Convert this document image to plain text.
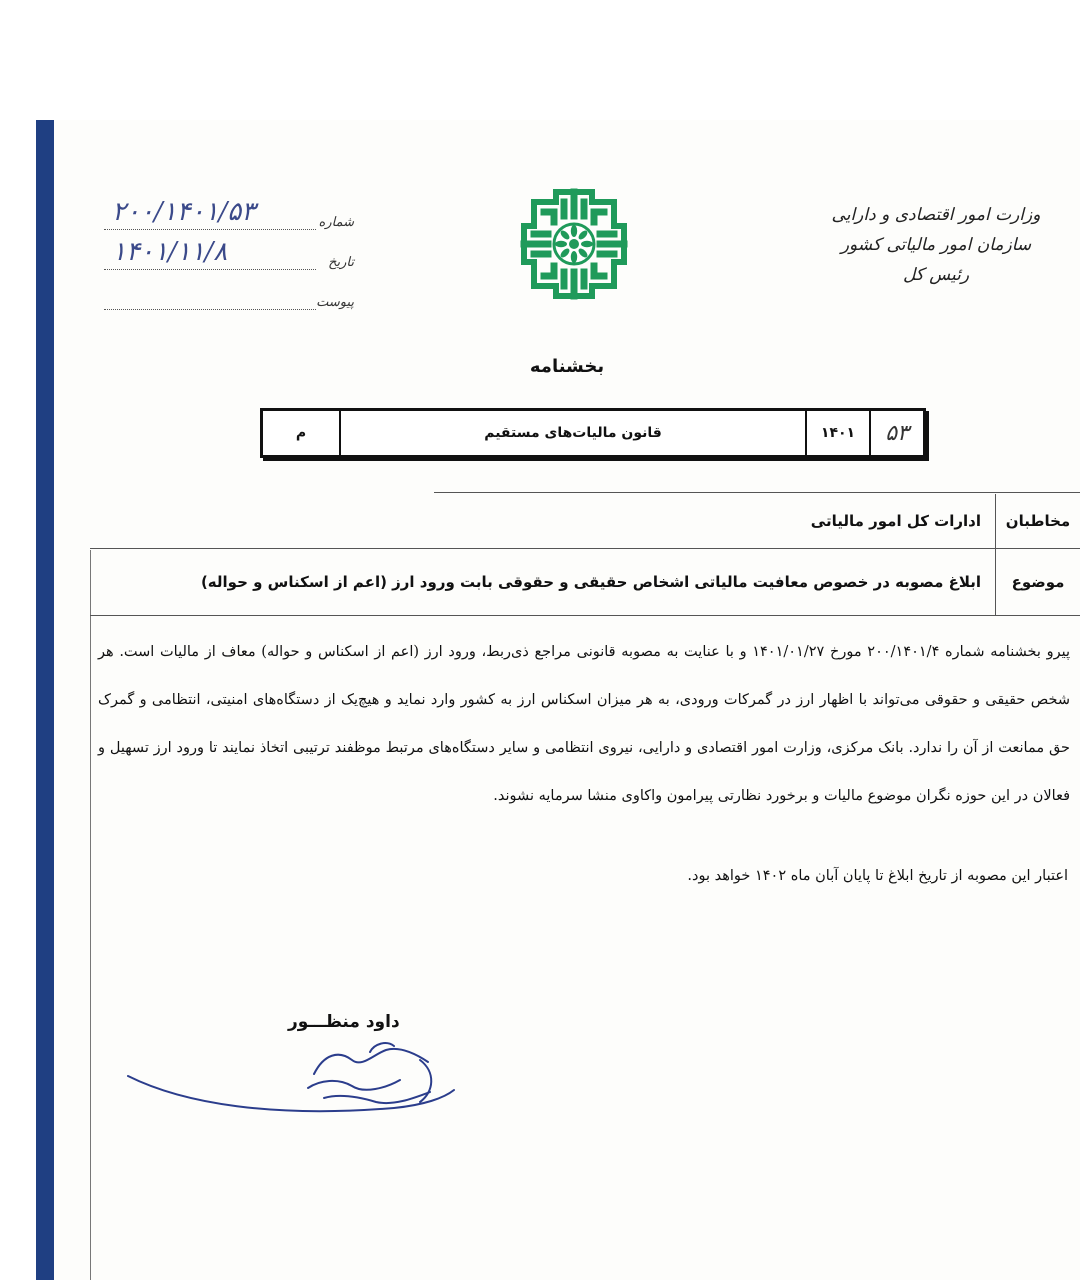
وزارت امور اقتصادی و دارایی
سازمان امور مالیاتی کشور
رئیس کل
شماره
۲۰۰/۱۴۰۱/۵۳
تاریخ
۱۴۰۱/۱۱/۸
پیوست
بخشنامه
۵۳
۱۴۰۱
قانون مالیات‌های مستقیم
م
مخاطبان
ادارات کل امور مالیاتی
موضوع
ابلاغ مصوبه در خصوص معافیت مالیاتی اشخاص حقیقی و حقوقی بابت ورود ارز (اعم از اسکناس و حواله)

پیرو بخشنامه شماره ۲۰۰/۱۴۰۱/۴ مورخ ۱۴۰۱/۰۱/۲۷ و با عنایت به مصوبه قانونی مراجع ذی‌ربط، ورود ارز (اعم از اسکناس و حواله) معاف از مالیات است. هر شخص حقیقی و حقوقی می‌تواند با اظهار ارز در گمرکات ورودی، به هر میزان اسکناس ارز به کشور وارد نماید و هیچ‌یک از دستگاه‌های امنیتی، انتظامی و گمرک حق ممانعت از آن را ندارد. بانک مرکزی، وزارت امور اقتصادی و دارایی، نیروی انتظامی و سایر دستگاه‌های مرتبط موظفند ترتیبی اتخاذ نمایند تا ورود ارز تسهیل و فعالان در این حوزه نگران موضوع مالیات و برخورد نظارتی پیرامون واکاوی منشا سرمایه نشوند.

اعتبار این مصوبه از تاریخ ابلاغ تا پایان آبان ماه ۱۴۰۲ خواهد بود.
داود منظـــور
